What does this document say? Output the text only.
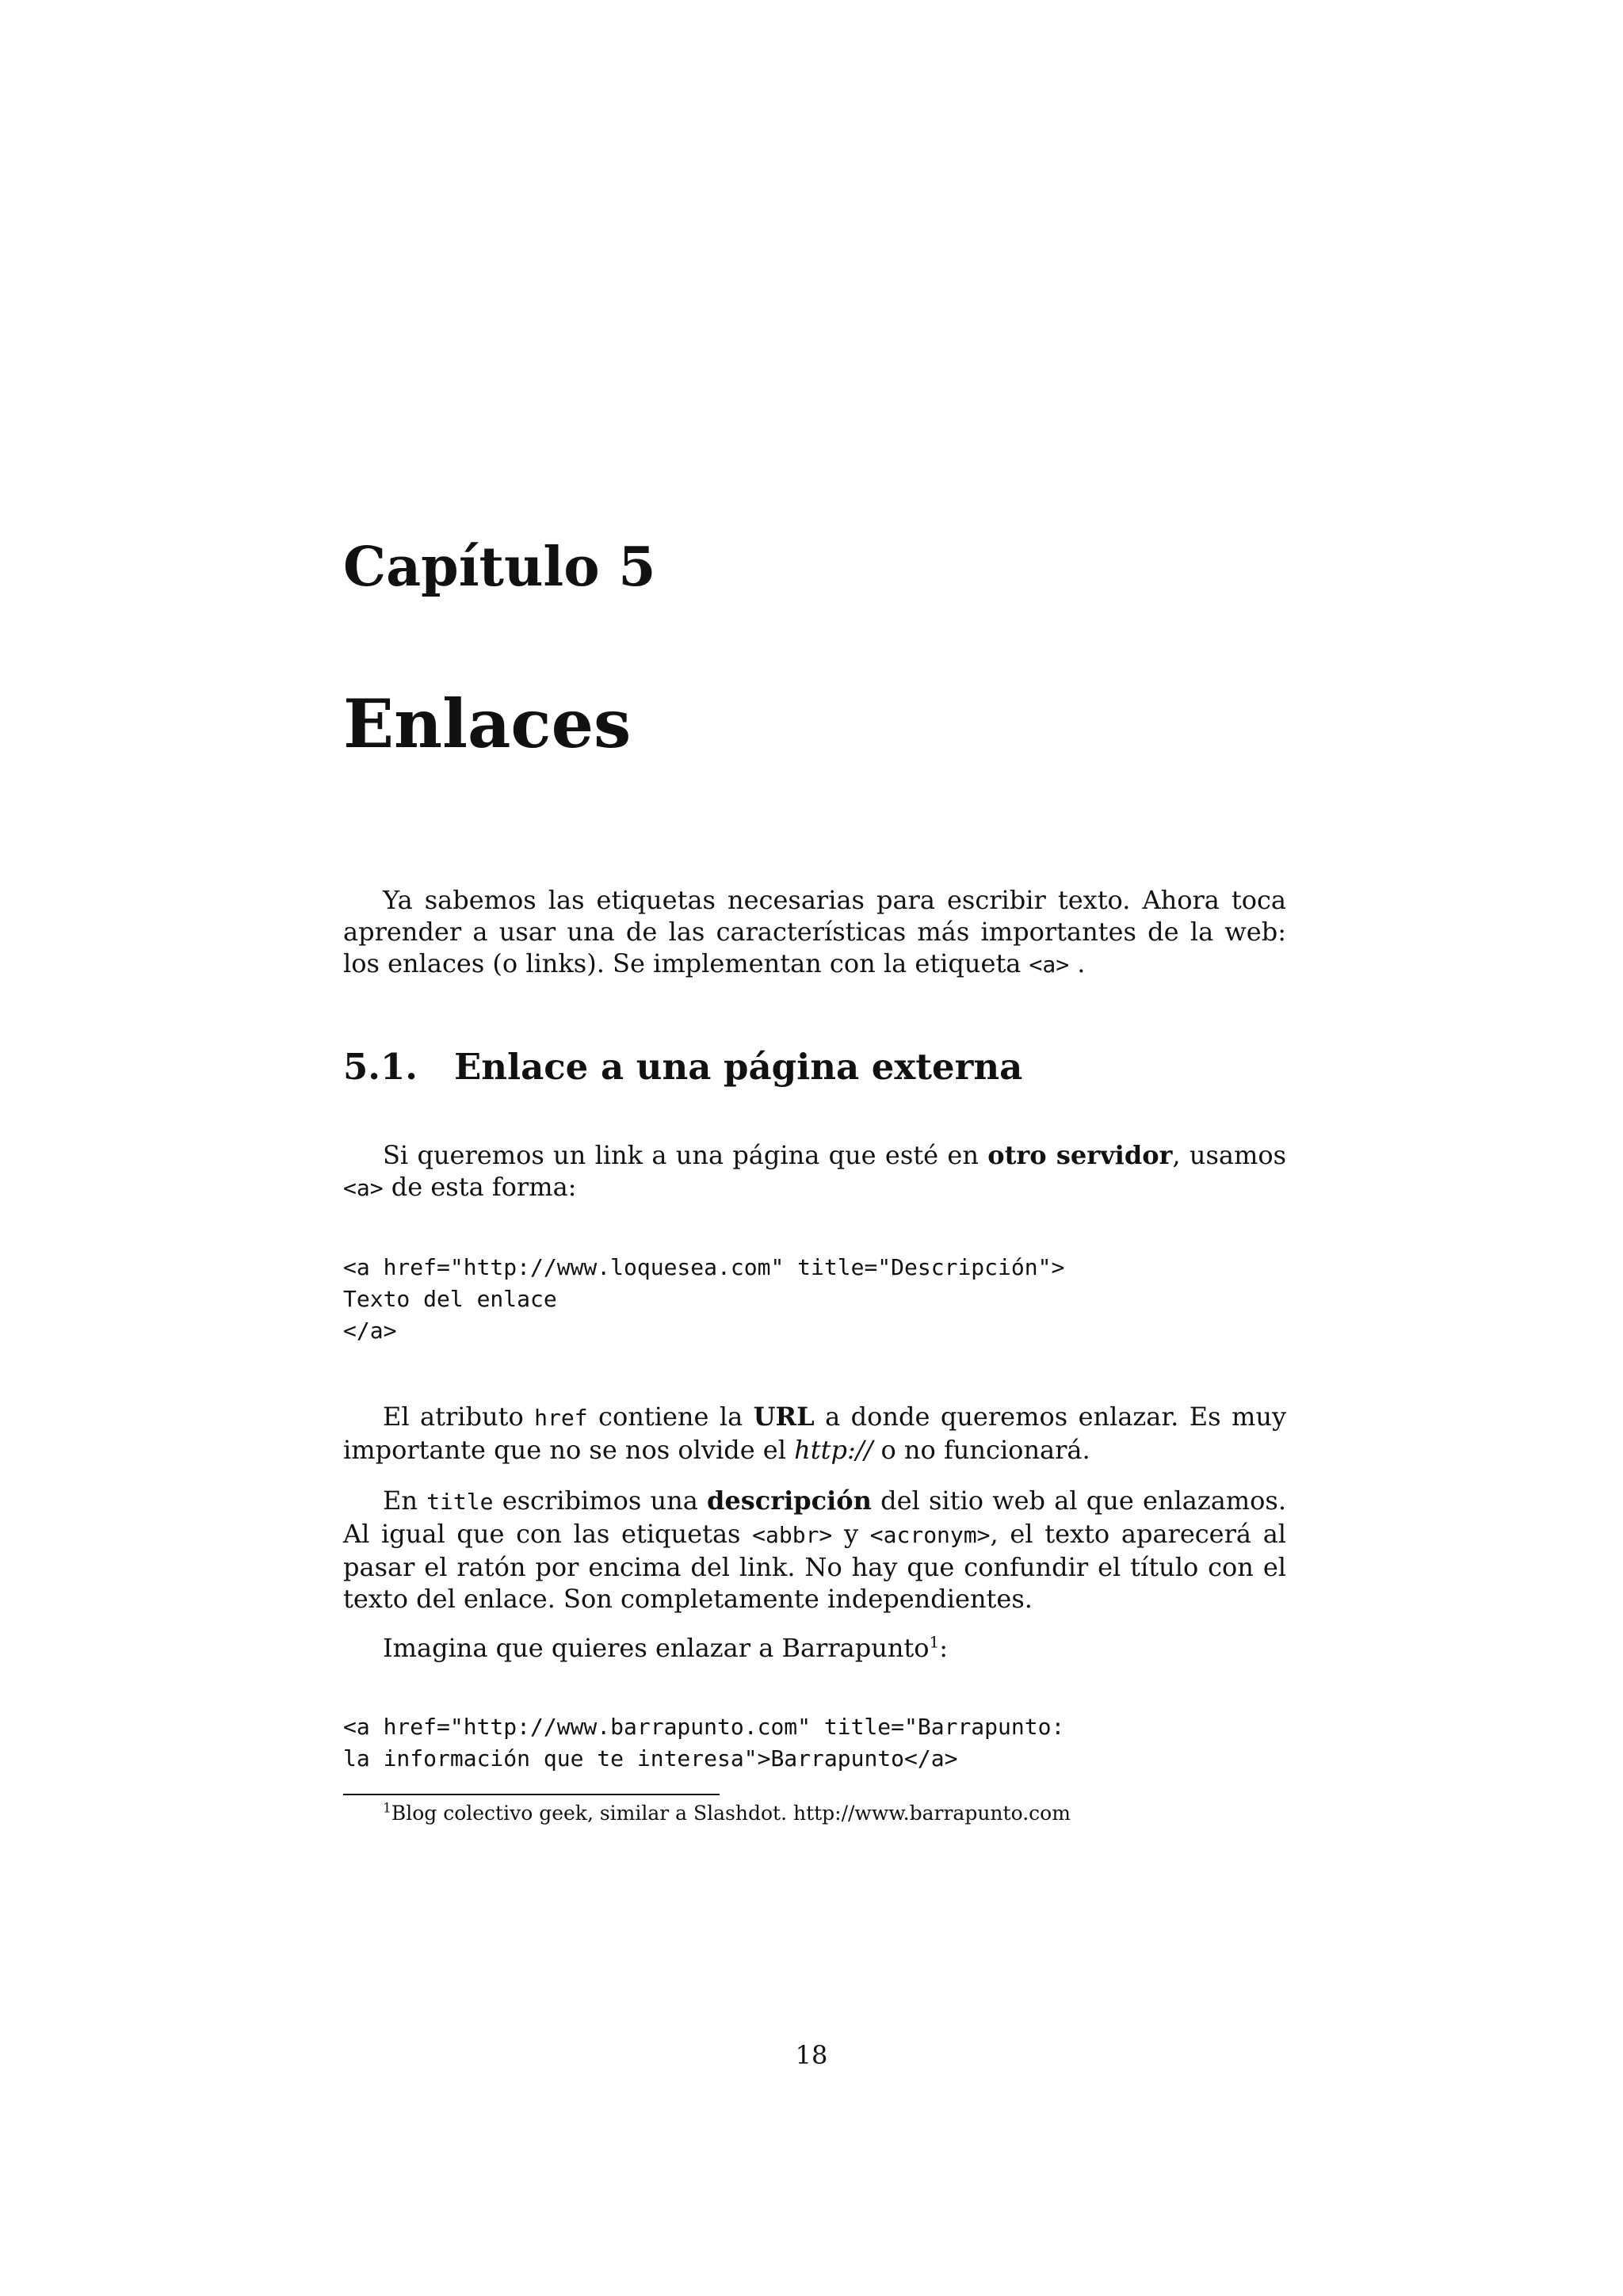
Capítulo 5
Enlaces

Ya sabemos las etiquetas necesarias para escribir texto. Ahora toca aprender a usar una de las características más importantes de la web: los enlaces (o links). Se implementan con la etiqueta <a> .

5.1. Enlace a una página externa

Si queremos un link a una página que esté en otro servidor, usamos <a> de esta forma:

<a href="http://www.loquesea.com" title="Descripción">
Texto del enlace
</a>

El atributo href contiene la URL a donde queremos enlazar. Es muy importante que no se nos olvide el http:// o no funcionará.

En title escribimos una descripción del sitio web al que enlazamos. Al igual que con las etiquetas <abbr> y <acronym>, el texto aparecerá al pasar el ratón por encima del link. No hay que confundir el título con el texto del enlace. Son completamente independientes.

Imagina que quieres enlazar a Barrapunto$^1$:

<a href="http://www.barrapunto.com" title="Barrapunto:
la información que te interesa">Barrapunto</a>
$^1$Blog colectivo geek, similar a Slashdot. http://www.barrapunto.com
18
